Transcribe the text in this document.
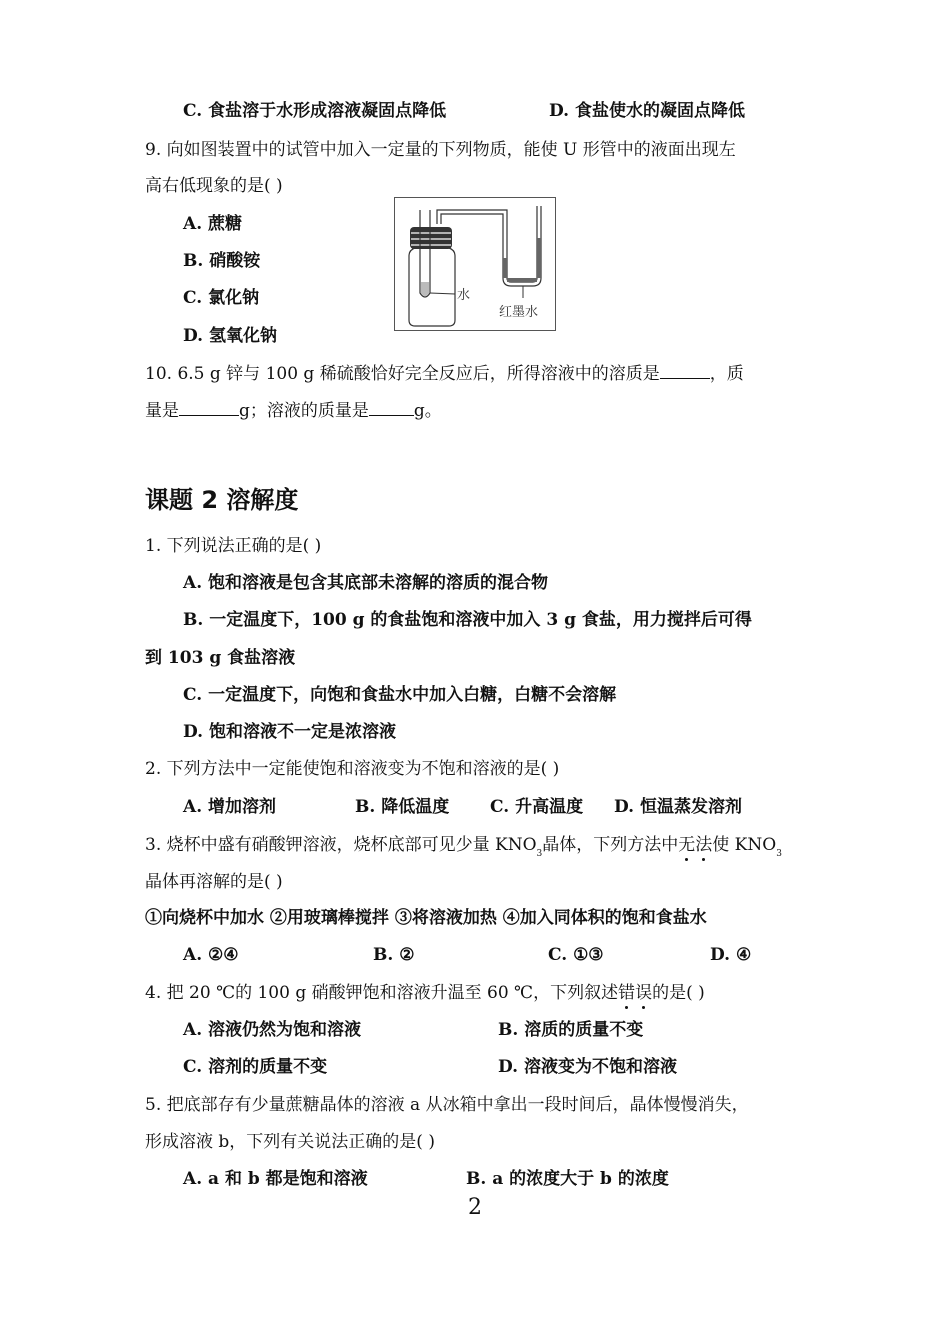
C. 食盐溶于水形成溶液凝固点降低	D. 食盐使水的凝固点降低
9. 向如图装置中的试管中加入一定量的下列物质，能使 U 形管中的液面出现左
高右低现象的是( )
A. 蔗糖
B. 硝酸铵
C. 氯化钠
D. 氢氧化钠
水
红墨水
10. 6.5 g 锌与 100 g 稀硫酸恰好完全反应后，所得溶液中的溶质是	，质
量是	g；溶液的质量是	g。
课题 2 溶解度
1. 下列说法正确的是( )
A. 饱和溶液是包含其底部未溶解的溶质的混合物
B. 一定温度下，100 g 的食盐饱和溶液中加入 3 g 食盐，用力搅拌后可得
到 103 g 食盐溶液
C. 一定温度下，向饱和食盐水中加入白糖，白糖不会溶解
D. 饱和溶液不一定是浓溶液
2. 下列方法中一定能使饱和溶液变为不饱和溶液的是( )
A. 增加溶剂	B. 降低温度 C. 升高温度 D. 恒温蒸发溶剂
3. 烧杯中盛有硝酸钾溶液，烧杯底部可见少量 $KNO_3$晶体，下列方法中无法使 $KNO_3$
晶体再溶解的是( )
①向烧杯中加水 ②用玻璃棒搅拌 ③将溶液加热 ④加入同体积的饱和食盐水
A. ②④	B. ②	C. ①③	D. ④
4. 把 20 ℃的 100 g 硝酸钾饱和溶液升温至 60 ℃，下列叙述错误的是( )
A. 溶液仍然为饱和溶液	B. 溶质的质量不变
C. 溶剂的质量不变	D. 溶液变为不饱和溶液
5. 把底部存有少量蔗糖晶体的溶液 a 从冰箱中拿出一段时间后，晶体慢慢消失，
形成溶液 b，下列有关说法正确的是( )
A. a 和 b 都是饱和溶液	B. a 的浓度大于 b 的浓度
2
